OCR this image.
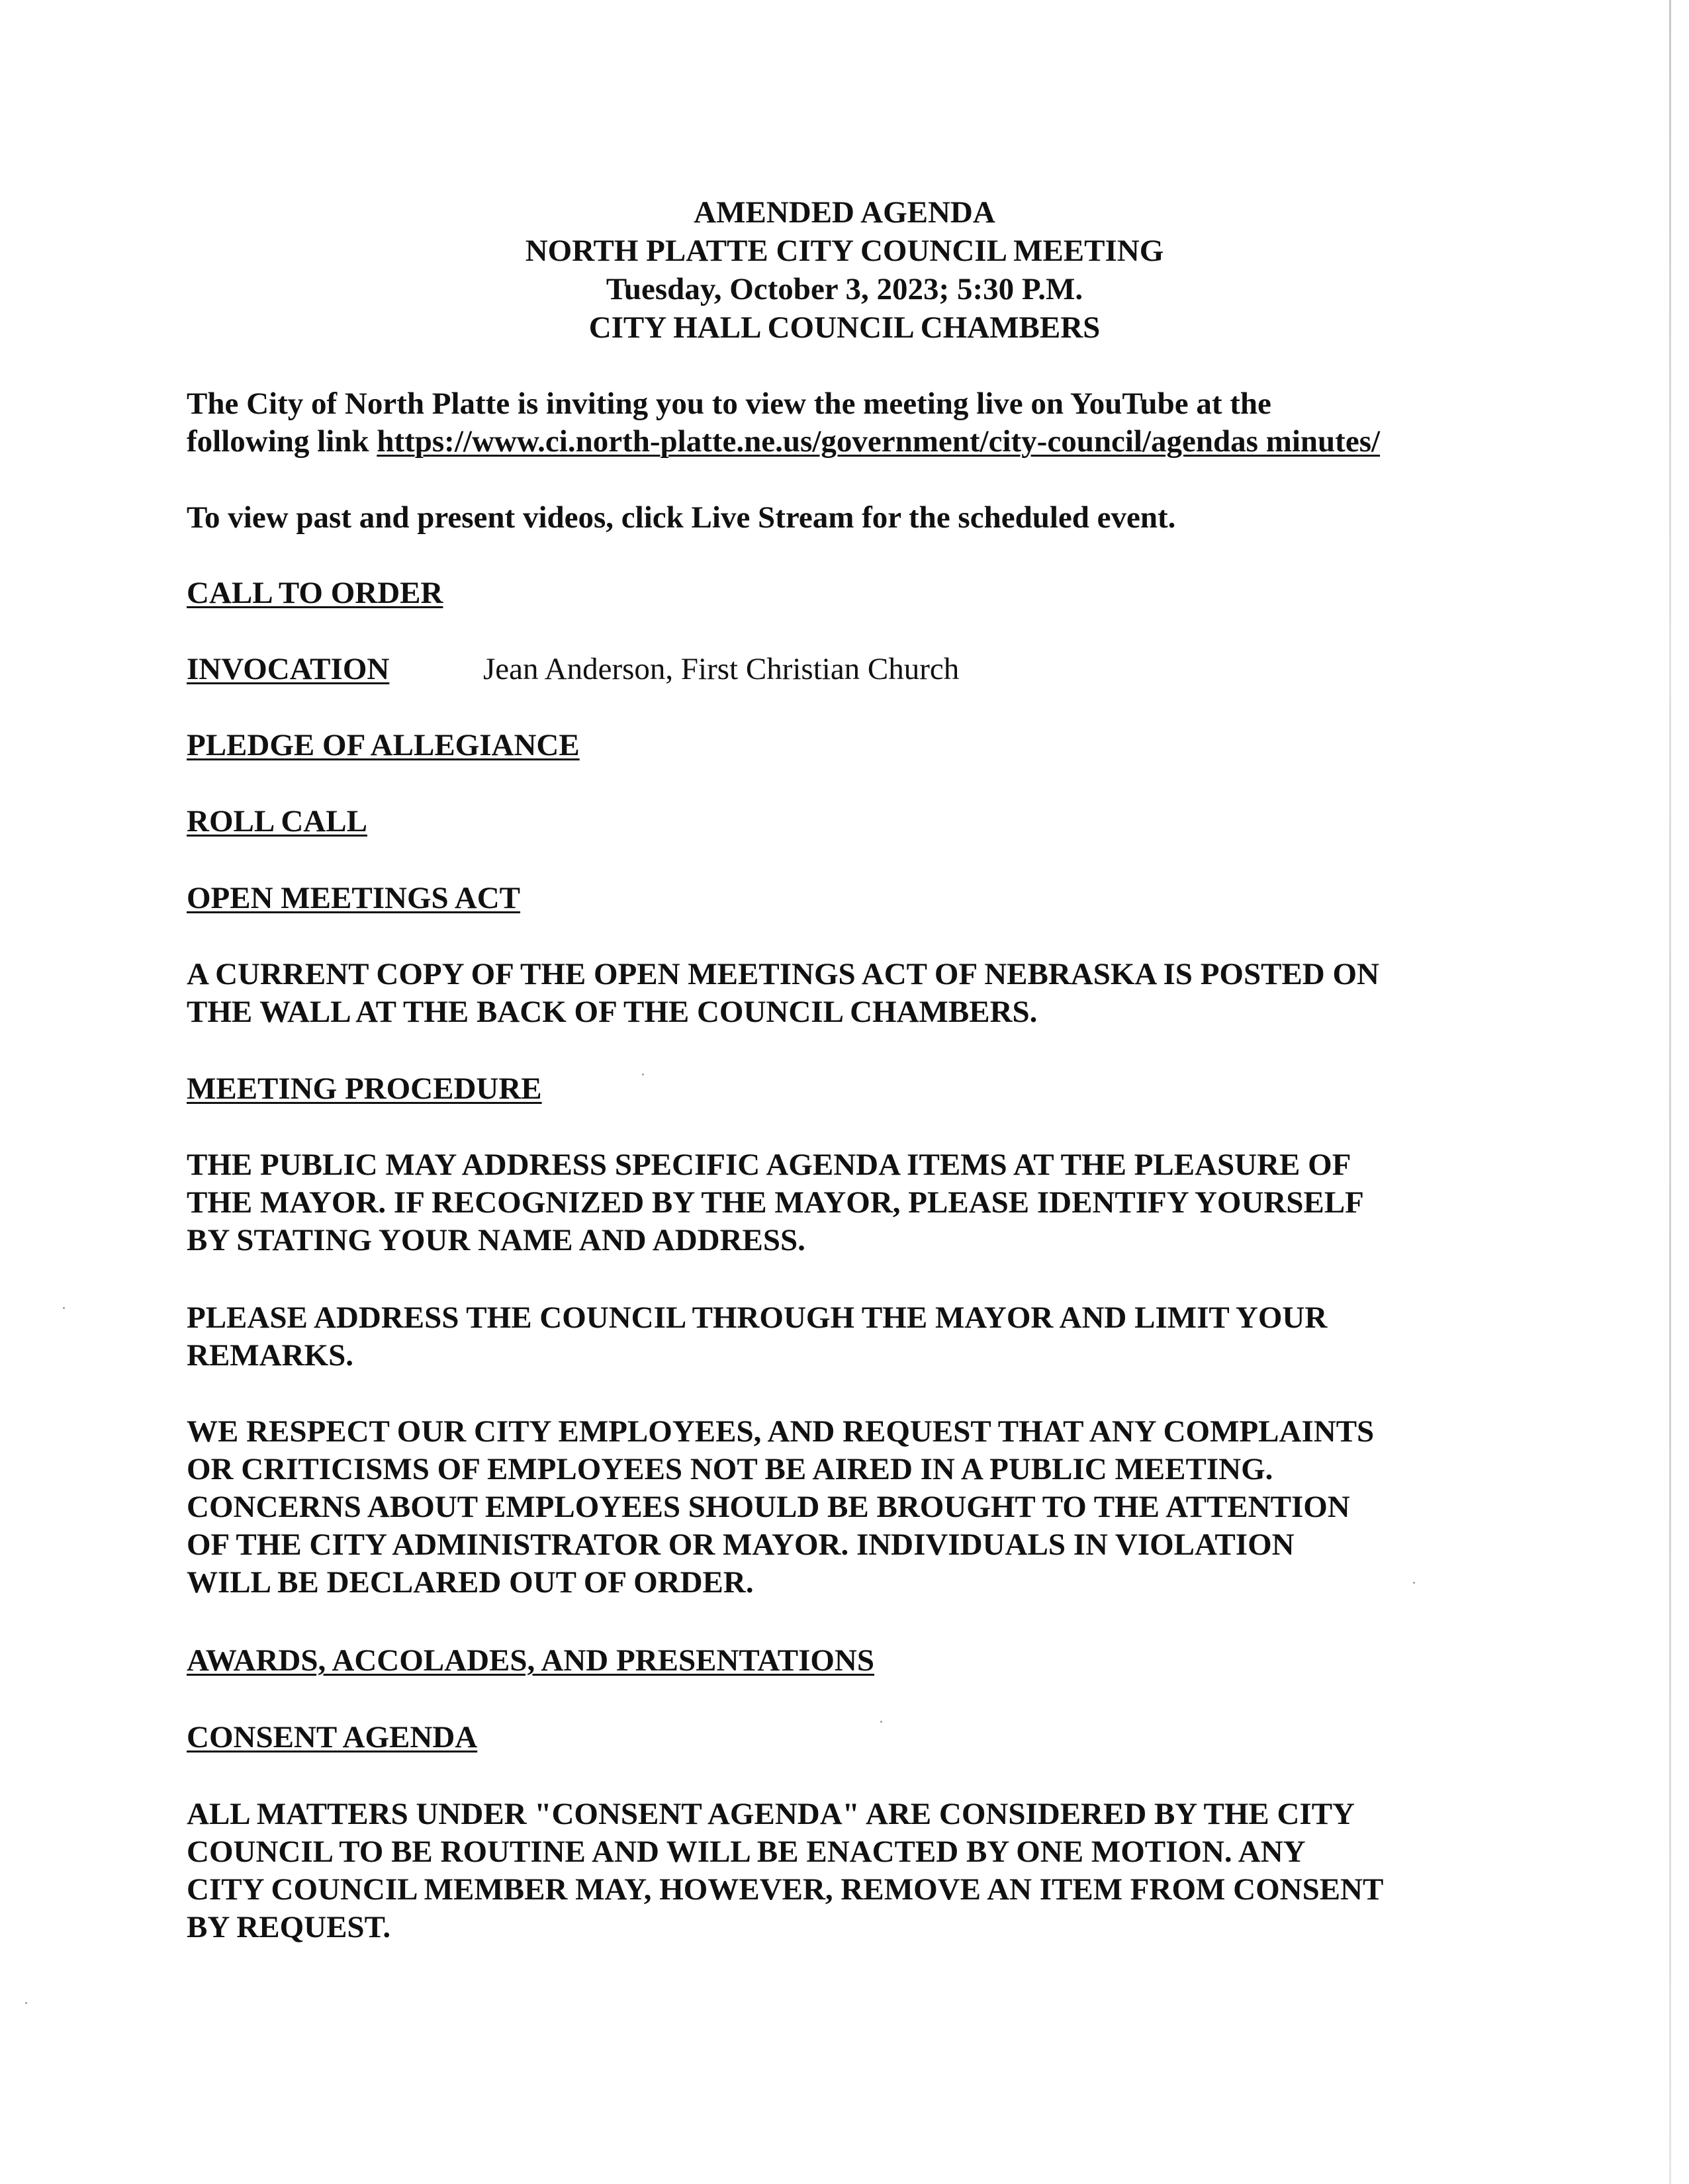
AMENDED AGENDA
NORTH PLATTE CITY COUNCIL MEETING
Tuesday, October 3, 2023; 5:30 P.M.
CITY HALL COUNCIL CHAMBERS
The City of North Platte is inviting you to view the meeting live on YouTube at the
following link https://www.ci.north-platte.ne.us/government/city-council/agendas minutes/
To view past and present videos, click Live Stream for the scheduled event.
CALL TO ORDER
INVOCATION	Jean Anderson, First Christian Church
PLEDGE OF ALLEGIANCE
ROLL CALL
OPEN MEETINGS ACT
A CURRENT COPY OF THE OPEN MEETINGS ACT OF NEBRASKA IS POSTED ON
THE WALL AT THE BACK OF THE COUNCIL CHAMBERS.
MEETING PROCEDURE
THE PUBLIC MAY ADDRESS SPECIFIC AGENDA ITEMS AT THE PLEASURE OF
THE MAYOR. IF RECOGNIZED BY THE MAYOR, PLEASE IDENTIFY YOURSELF
BY STATING YOUR NAME AND ADDRESS.
PLEASE ADDRESS THE COUNCIL THROUGH THE MAYOR AND LIMIT YOUR
REMARKS.
WE RESPECT OUR CITY EMPLOYEES, AND REQUEST THAT ANY COMPLAINTS
OR CRITICISMS OF EMPLOYEES NOT BE AIRED IN A PUBLIC MEETING.
CONCERNS ABOUT EMPLOYEES SHOULD BE BROUGHT TO THE ATTENTION
OF THE CITY ADMINISTRATOR OR MAYOR. INDIVIDUALS IN VIOLATION
WILL BE DECLARED OUT OF ORDER.
AWARDS, ACCOLADES, AND PRESENTATIONS
CONSENT AGENDA
ALL MATTERS UNDER "CONSENT AGENDA" ARE CONSIDERED BY THE CITY
COUNCIL TO BE ROUTINE AND WILL BE ENACTED BY ONE MOTION. ANY
CITY COUNCIL MEMBER MAY, HOWEVER, REMOVE AN ITEM FROM CONSENT
BY REQUEST.
